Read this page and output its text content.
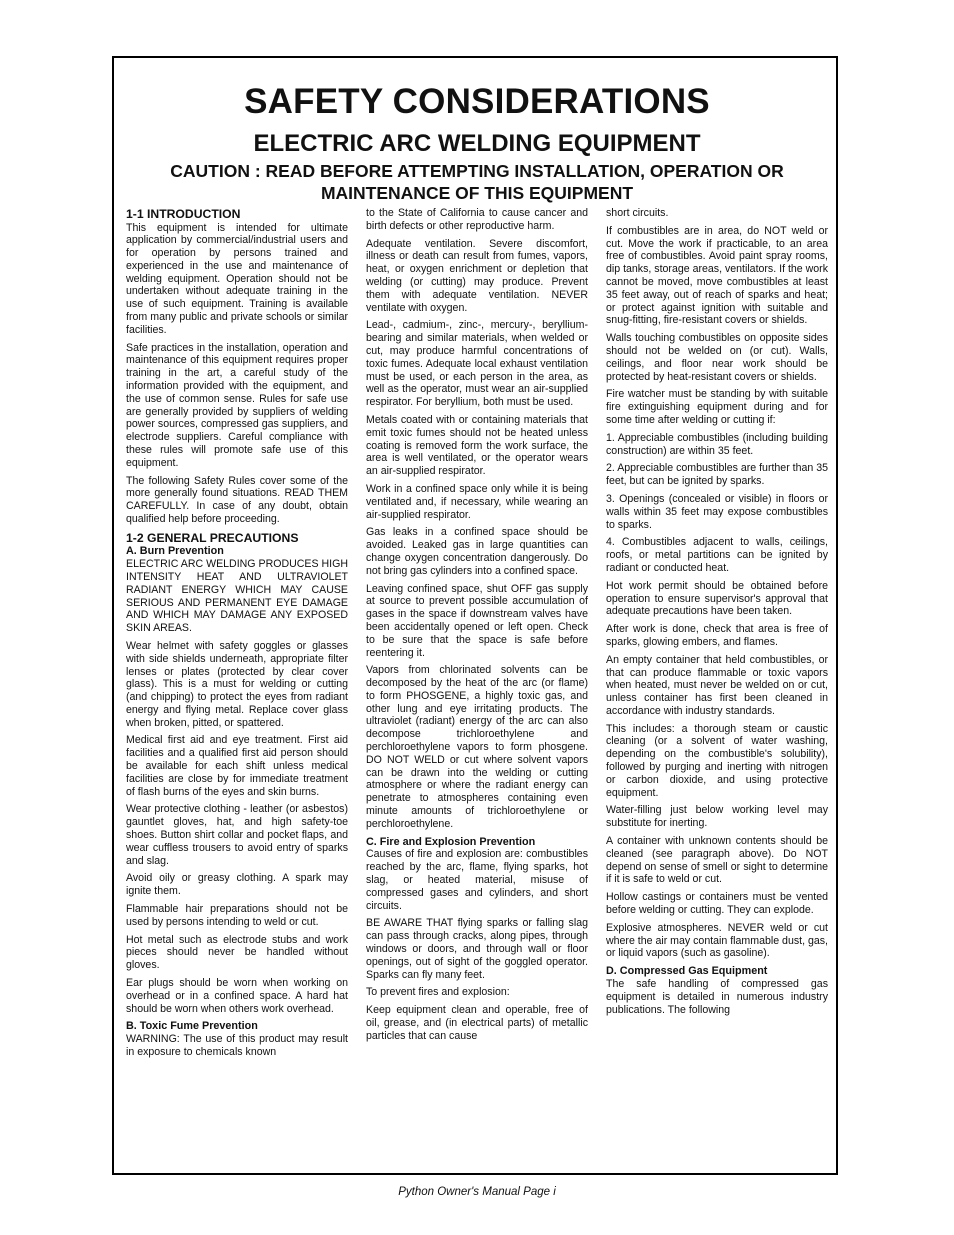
SAFETY CONSIDERATIONS
ELECTRIC ARC WELDING EQUIPMENT
CAUTION : READ BEFORE ATTEMPTING INSTALLATION, OPERATION OR MAINTENANCE OF THIS EQUIPMENT

1-1 INTRODUCTION

This equipment is intended for ultimate application by commercial/industrial users and for operation by persons trained and experienced in the use and maintenance of welding equipment. Operation should not be undertaken without adequate training in the use of such equipment. Training is available from many public and private schools or similar facilities.

Safe practices in the installation, operation and maintenance of this equipment requires proper training in the art, a careful study of the information provided with the equipment, and the use of common sense. Rules for safe use are generally provided by suppliers of welding power sources, compressed gas suppliers, and electrode suppliers. Careful compliance with these rules will promote safe use of this equipment.

The following Safety Rules cover some of the more generally found situations. READ THEM CAREFULLY. In case of any doubt, obtain qualified help before proceeding.

1-2 GENERAL PRECAUTIONS

A. Burn Prevention

ELECTRIC ARC WELDING PRODUCES HIGH INTENSITY HEAT AND ULTRAVIOLET RADIANT ENERGY WHICH MAY CAUSE SERIOUS AND PERMANENT EYE DAMAGE AND WHICH MAY DAMAGE ANY EXPOSED SKIN AREAS.

Wear helmet with safety goggles or glasses with side shields underneath, appropriate filter lenses or plates (protected by clear cover glass). This is a must for welding or cutting (and chipping) to protect the eyes from radiant energy and flying metal. Replace cover glass when broken, pitted, or spattered.

Medical first aid and eye treatment. First aid facilities and a qualified first aid person should be available for each shift unless medical facilities are close by for immediate treatment of flash burns of the eyes and skin burns.

Wear protective clothing - leather (or asbestos) gauntlet gloves, hat, and high safety-toe shoes. Button shirt collar and pocket flaps, and wear cuffless trousers to avoid entry of sparks and slag.

Avoid oily or greasy clothing. A spark may ignite them.

Flammable hair preparations should not be used by persons intending to weld or cut.

Hot metal such as electrode stubs and work pieces should never be handled without gloves.

Ear plugs should be worn when working on overhead or in a confined space. A hard hat should be worn when others work overhead.

B. Toxic Fume Prevention

WARNING: The use of this product may result in exposure to chemicals known

to the State of California to cause cancer and birth defects or other reproductive harm.

Adequate ventilation. Severe discomfort, illness or death can result from fumes, vapors, heat, or oxygen enrichment or depletion that welding (or cutting) may produce. Prevent them with adequate ventilation. NEVER ventilate with oxygen.

Lead-, cadmium-, zinc-, mercury-, beryllium-bearing and similar materials, when welded or cut, may produce harmful concentrations of toxic fumes. Adequate local exhaust ventilation must be used, or each person in the area, as well as the operator, must wear an air-supplied respirator. For beryllium, both must be used.

Metals coated with or containing materials that emit toxic fumes should not be heated unless coating is removed form the work surface, the area is well ventilated, or the operator wears an air-supplied respirator.

Work in a confined space only while it is being ventilated and, if necessary, while wearing an air-supplied respirator.

Gas leaks in a confined space should be avoided. Leaked gas in large quantities can change oxygen concentration dangerously. Do not bring gas cylinders into a confined space.

Leaving confined space, shut OFF gas supply at source to prevent possible accumulation of gases in the space if downstream valves have been accidentally opened or left open. Check to be sure that the space is safe before reentering it.

Vapors from chlorinated solvents can be decomposed by the heat of the arc (or flame) to form PHOSGENE, a highly toxic gas, and other lung and eye irritating products. The ultraviolet (radiant) energy of the arc can also decompose trichloroethylene and perchloroethylene vapors to form phosgene. DO NOT WELD or cut where solvent vapors can be drawn into the welding or cutting atmosphere or where the radiant energy can penetrate to atmospheres containing even minute amounts of trichloroethylene or perchloroethylene.

C. Fire and Explosion Prevention

Causes of fire and explosion are: combustibles reached by the arc, flame, flying sparks, hot slag, or heated material, misuse of compressed gases and cylinders, and short circuits.

BE AWARE THAT flying sparks or falling slag can pass through cracks, along pipes, through windows or doors, and through wall or floor openings, out of sight of the goggled operator. Sparks can fly many feet.

To prevent fires and explosion:

Keep equipment clean and operable, free of oil, grease, and (in electrical parts) of metallic particles that can cause

short circuits.

If combustibles are in area, do NOT weld or cut. Move the work if practicable, to an area free of combustibles. Avoid paint spray rooms, dip tanks, storage areas, ventilators. If the work cannot be moved, move combustibles at least 35 feet away, out of reach of sparks and heat; or protect against ignition with suitable and snug-fitting, fire-resistant covers or shields.

Walls touching combustibles on opposite sides should not be welded on (or cut). Walls, ceilings, and floor near work should be protected by heat-resistant covers or shields.

Fire watcher must be standing by with suitable fire extinguishing equipment during and for some time after welding or cutting if:

1. Appreciable combustibles (including building construction) are within 35 feet.

2. Appreciable combustibles are further than 35 feet, but can be ignited by sparks.

3. Openings (concealed or visible) in floors or walls within 35 feet may expose combustibles to sparks.

4. Combustibles adjacent to walls, ceilings, roofs, or metal partitions can be ignited by radiant or conducted heat.

Hot work permit should be obtained before operation to ensure supervisor's approval that adequate precautions have been taken.

After work is done, check that area is free of sparks, glowing embers, and flames.

An empty container that held combustibles, or that can produce flammable or toxic vapors when heated, must never be welded on or cut, unless container has first been cleaned in accordance with industry standards.

This includes: a thorough steam or caustic cleaning (or a solvent of water washing, depending on the combustible's solubility), followed by purging and inerting with nitrogen or carbon dioxide, and using protective equipment.

Water-filling just below working level may substitute for inerting.

A container with unknown contents should be cleaned (see paragraph above). Do NOT depend on sense of smell or sight to determine if it is safe to weld or cut.

Hollow castings or containers must be vented before welding or cutting. They can explode.

Explosive atmospheres. NEVER weld or cut where the air may contain flammable dust, gas, or liquid vapors (such as gasoline).

D. Compressed Gas Equipment

The safe handling of compressed gas equipment is detailed in numerous industry publications. The following

Python Owner's Manual Page i
